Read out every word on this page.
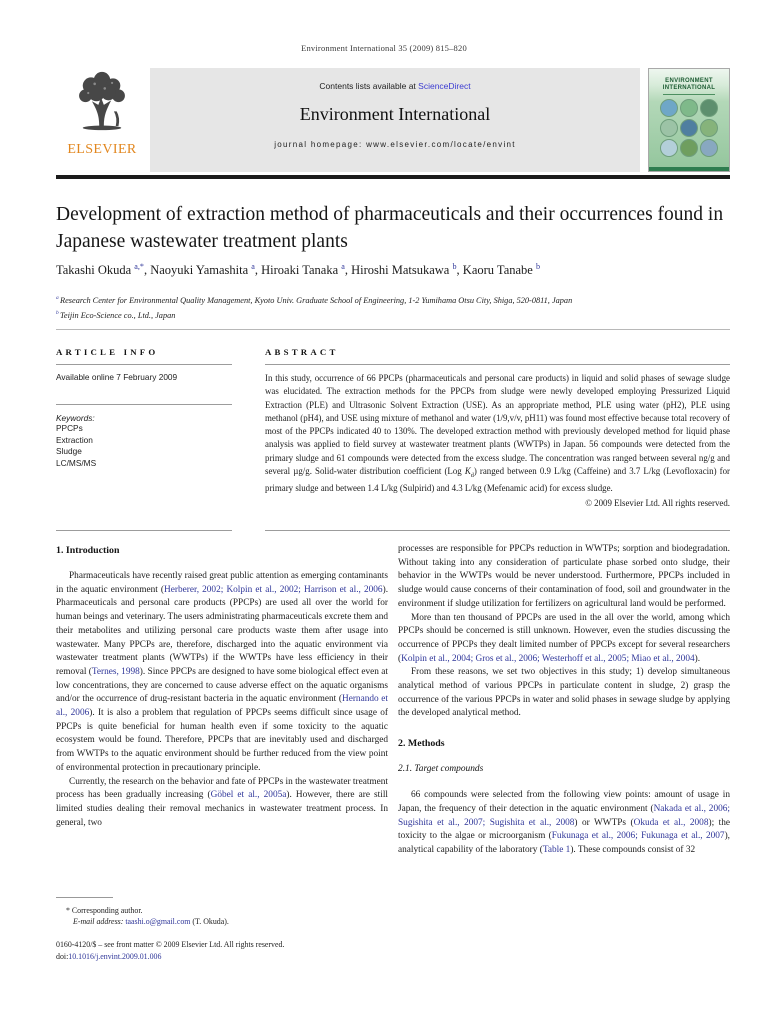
Environment International 35 (2009) 815–820
ELSEVIER
Contents lists available at ScienceDirect
Environment International
journal homepage: www.elsevier.com/locate/envint
ENVIRONMENT INTERNATIONAL
Development of extraction method of pharmaceuticals and their occurrences found in Japanese wastewater treatment plants
Takashi Okuda $^{a,*}$, Naoyuki Yamashita $^a$, Hiroaki Tanaka $^a$, Hiroshi Matsukawa $^b$, Kaoru Tanabe $^b$
$^a$ Research Center for Environmental Quality Management, Kyoto Univ. Graduate School of Engineering, 1-2 Yumihama Otsu City, Shiga, 520-0811, Japan
$^b$ Teijin Eco-Science co., Ltd., Japan
ARTICLE INFO
Available online 7 February 2009
Keywords:
PPCPs
Extraction
Sludge
LC/MS/MS
ABSTRACT

In this study, occurrence of 66 PPCPs (pharmaceuticals and personal care products) in liquid and solid phases of sewage sludge was elucidated. The extraction methods for the PPCPs from sludge were newly developed employing Pressurized Liquid Extraction (PLE) and Ultrasonic Solvent Extraction (USE). As an appropriate method, PLE using water (pH2), PLE using methanol (pH4), and USE using mixture of methanol and water (1/9,v/v, pH11) was found most effective because total recovery of most of the PPCPs indicated 40 to 130%. The developed extraction method with previously developed method for liquid phase analysis was applied to field survey at wastewater treatment plants (WWTPs) in Japan. 56 compounds were detected from the primary sludge and 61 compounds were detected from the excess sludge. The concentration was ranged between several ng/g and several µg/g. Solid-water distribution coefficient (Log $K_d$) ranged between 0.9 L/kg (Caffeine) and 3.7 L/kg (Levofloxacin) for primary sludge and between 1.4 L/kg (Sulpirid) and 4.3 L/kg (Mefenamic acid) for excess sludge.

© 2009 Elsevier Ltd. All rights reserved.
1. Introduction

Pharmaceuticals have recently raised great public attention as emerging contaminants in the aquatic environment (Herberer, 2002; Kolpin et al., 2002; Harrison et al., 2006). Pharmaceuticals and personal care products (PPCPs) are used all over the world for human beings and veterinary. The users administrating pharmaceuticals excrete them and their metabolites and utilizing personal care products waste them after usage into wastewater. Many PPCPs are, therefore, discharged into the aquatic environment via wastewater treatment plants (WWTPs) if the WWTPs have less efficiency in their removal (Ternes, 1998). Since PPCPs are designed to have some biological effect even at low concentrations, they are concerned to cause adverse effect on the aquatic organisms and/or the occurrence of drug-resistant bacteria in the aquatic environment (Hernando et al., 2006). It is also a problem that regulation of PPCPs seems difficult since usage of PPCPs is quite beneficial for human health even if some toxicity to the aquatic ecosystem would be found. Therefore, PPCPs that are inevitably used and discharged from WWTPs to the aquatic environment should be further reduced from the view point of environmental protection in precautionary principle.

Currently, the research on the behavior and fate of PPCPs in the wastewater treatment process has been gradually increasing (Göbel et al., 2005a). However, there are still limited studies dealing their removal mechanics in wastewater treatment process. In general, two

processes are responsible for PPCPs reduction in WWTPs; sorption and biodegradation. Without taking into any consideration of particulate phase sorbed onto sludge, their behavior in the WWTPs would be never understood. Furthermore, PPCPs included in sludge would cause concerns of their contamination of food, soil and groundwater in the environment if sludge utilization for fertilizers on agricultural land would be performed.

More than ten thousand of PPCPs are used in the all over the world, among which PPCPs should be concerned is still unknown. However, even the studies discussing the occurrence of PPCPs they dealt limited number of PPCPs except for several researchers (Kolpin et al., 2004; Gros et al., 2006; Westerhoff et al., 2005; Miao et al., 2004).

From these reasons, we set two objectives in this study; 1) develop simultaneous analytical method of various PPCPs in particulate content in sludge, 2) grasp the occurrence of the various PPCPs in water and solid phases in sewage sludge by applying the developed analytical method.

2. Methods
2.1. Target compounds

66 compounds were selected from the following view points: amount of usage in Japan, the frequency of their detection in the aquatic environment (Nakada et al., 2006; Sugishita et al., 2007; Sugishita et al., 2008) or WWTPs (Okuda et al., 2008); the toxicity to the algae or microorganism (Fukunaga et al., 2006; Fukunaga et al., 2007), analytical capability of the laboratory (Table 1). These compounds consist of 32

* Corresponding author.
E-mail address: taashi.o@gmail.com (T. Okuda).
0160-4120/$ – see front matter © 2009 Elsevier Ltd. All rights reserved.
doi:10.1016/j.envint.2009.01.006
